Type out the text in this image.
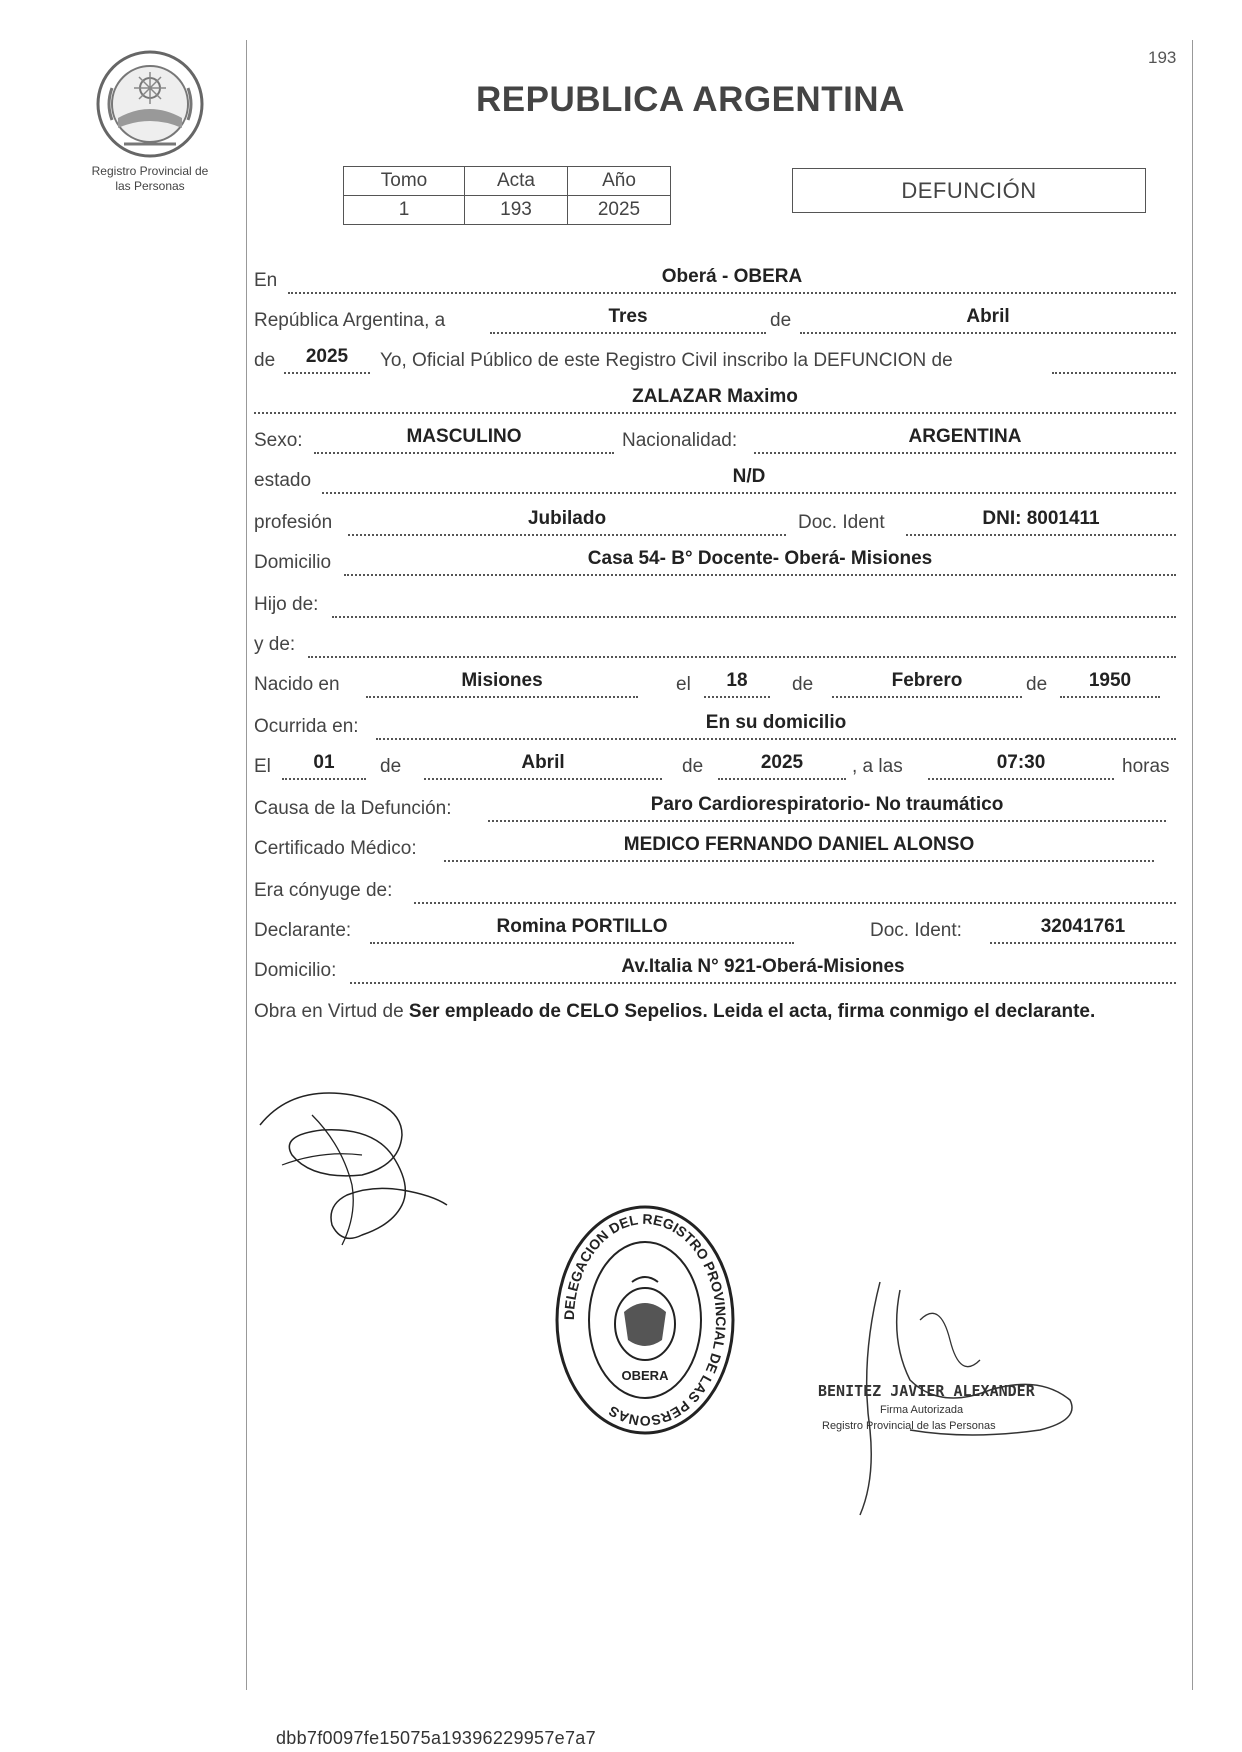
Registro Provincial de
las Personas
193
REPUBLICA ARGENTINA
Tomo	Acta	Año
1	193	2025
DEFUNCIÓN
En	Oberá - OBERA
República Argentina, a	Tres	de	Abril
de	2025	Yo, Oficial Público de este Registro Civil inscribo la DEFUNCION de
ZALAZAR Maximo
Sexo:	MASCULINO	Nacionalidad:	ARGENTINA
estado	N/D
profesión	Jubilado	Doc. Ident	DNI: 8001411
Domicilio	Casa 54- B° Docente- Oberá- Misiones
Hijo de:
y de:
Nacido en	Misiones	el	18	de	Febrero	de	1950
Ocurrida en:	En su domicilio
El	01	de	Abril	de	2025	, a las	07:30	horas
Causa de la Defunción:	Paro Cardiorespiratorio- No traumático
Certificado Médico:	MEDICO FERNANDO DANIEL ALONSO
Era cónyuge de:
Declarante:	Romina PORTILLO	Doc. Ident:	32041761
Domicilio:	Av.Italia N° 921-Oberá-Misiones
Obra en Virtud de Ser empleado de CELO Sepelios. Leida el acta, firma conmigo el declarante.
DELEGACION DEL REGISTRO PROVINCIAL DE LAS PERSONAS
OBERA
BENITEZ JAVIER ALEXANDER
Firma Autorizada
Registro Provincial de las Personas
dbb7f0097fe15075a19396229957e7a7
